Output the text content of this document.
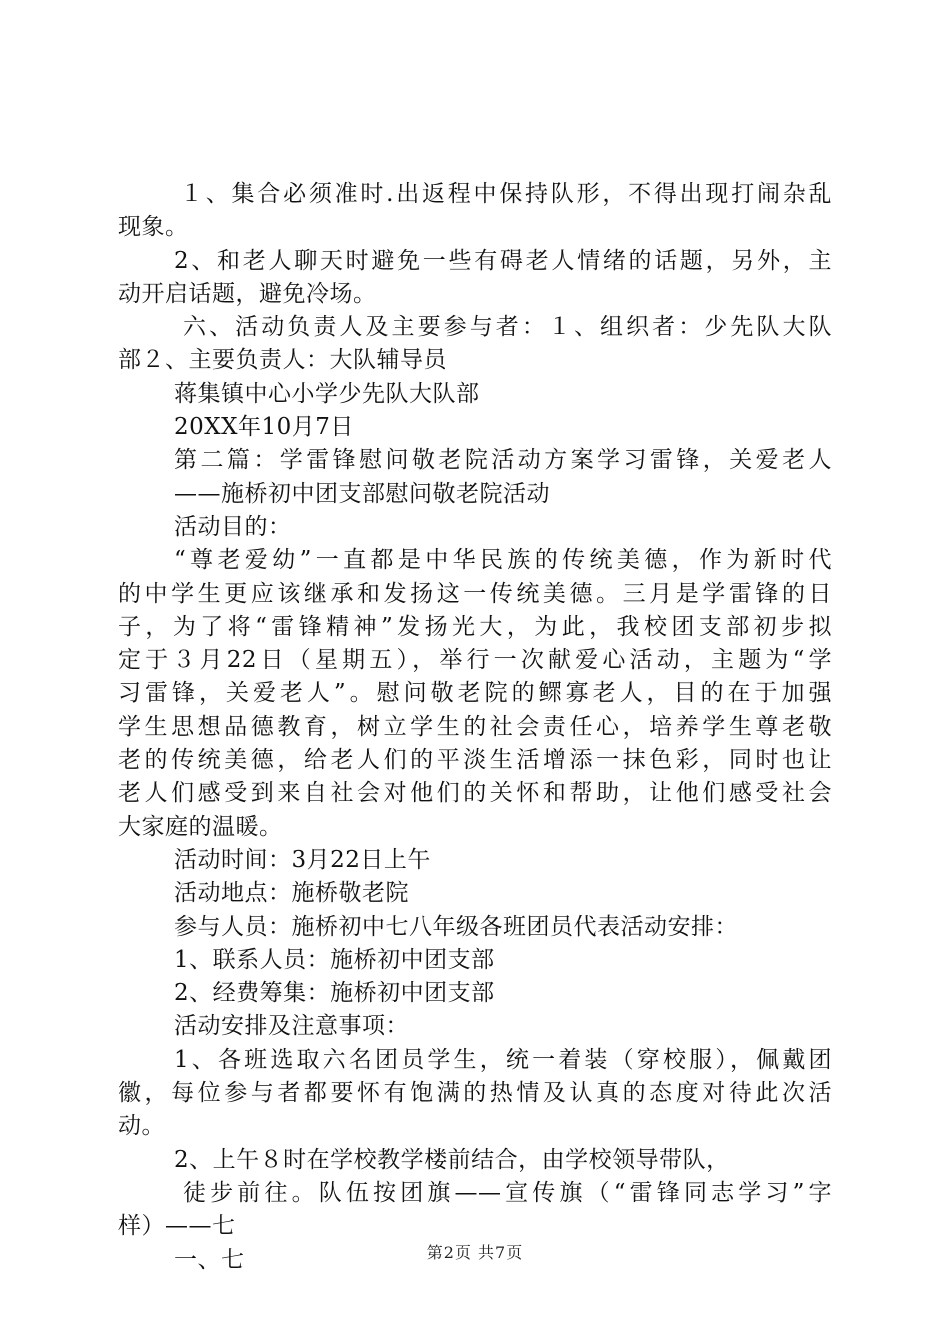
１、集合必须准时.出返程中保持队形，不得出现打闹杂乱
现象。
2、和老人聊天时避免一些有碍老人情绪的话题，另外，主
动开启话题，避免冷场。
六、活动负责人及主要参与者：１、组织者：少先队大队
部２、主要负责人：大队辅导员
蒋集镇中心小学少先队大队部
20XX年10月7日
第二篇：学雷锋慰问敬老院活动方案学习雷锋，关爱老人
——施桥初中团支部慰问敬老院活动
活动目的：
“尊老爱幼”一直都是中华民族的传统美德，作为新时代
的中学生更应该继承和发扬这一传统美德。三月是学雷锋的日
子，为了将“雷锋精神”发扬光大，为此，我校团支部初步拟
定于３月22日（星期五），举行一次献爱心活动，主题为“学
习雷锋，关爱老人”。慰问敬老院的鳏寡老人，目的在于加强
学生思想品德教育，树立学生的社会责任心，培养学生尊老敬
老的传统美德，给老人们的平淡生活增添一抹色彩，同时也让
老人们感受到来自社会对他们的关怀和帮助，让他们感受社会
大家庭的温暖。
活动时间：3月22日上午
活动地点：施桥敬老院
参与人员：施桥初中七八年级各班团员代表活动安排：
1、联系人员：施桥初中团支部
2、经费筹集：施桥初中团支部
活动安排及注意事项：
1、各班选取六名团员学生，统一着装（穿校服），佩戴团
徽，每位参与者都要怀有饱满的热情及认真的态度对待此次活
动。
2、上午８时在学校教学楼前结合，由学校领导带队，
徒步前往。队伍按团旗——宣传旗（“雷锋同志学习”字
样）——七
一、七	第2页 共7页
